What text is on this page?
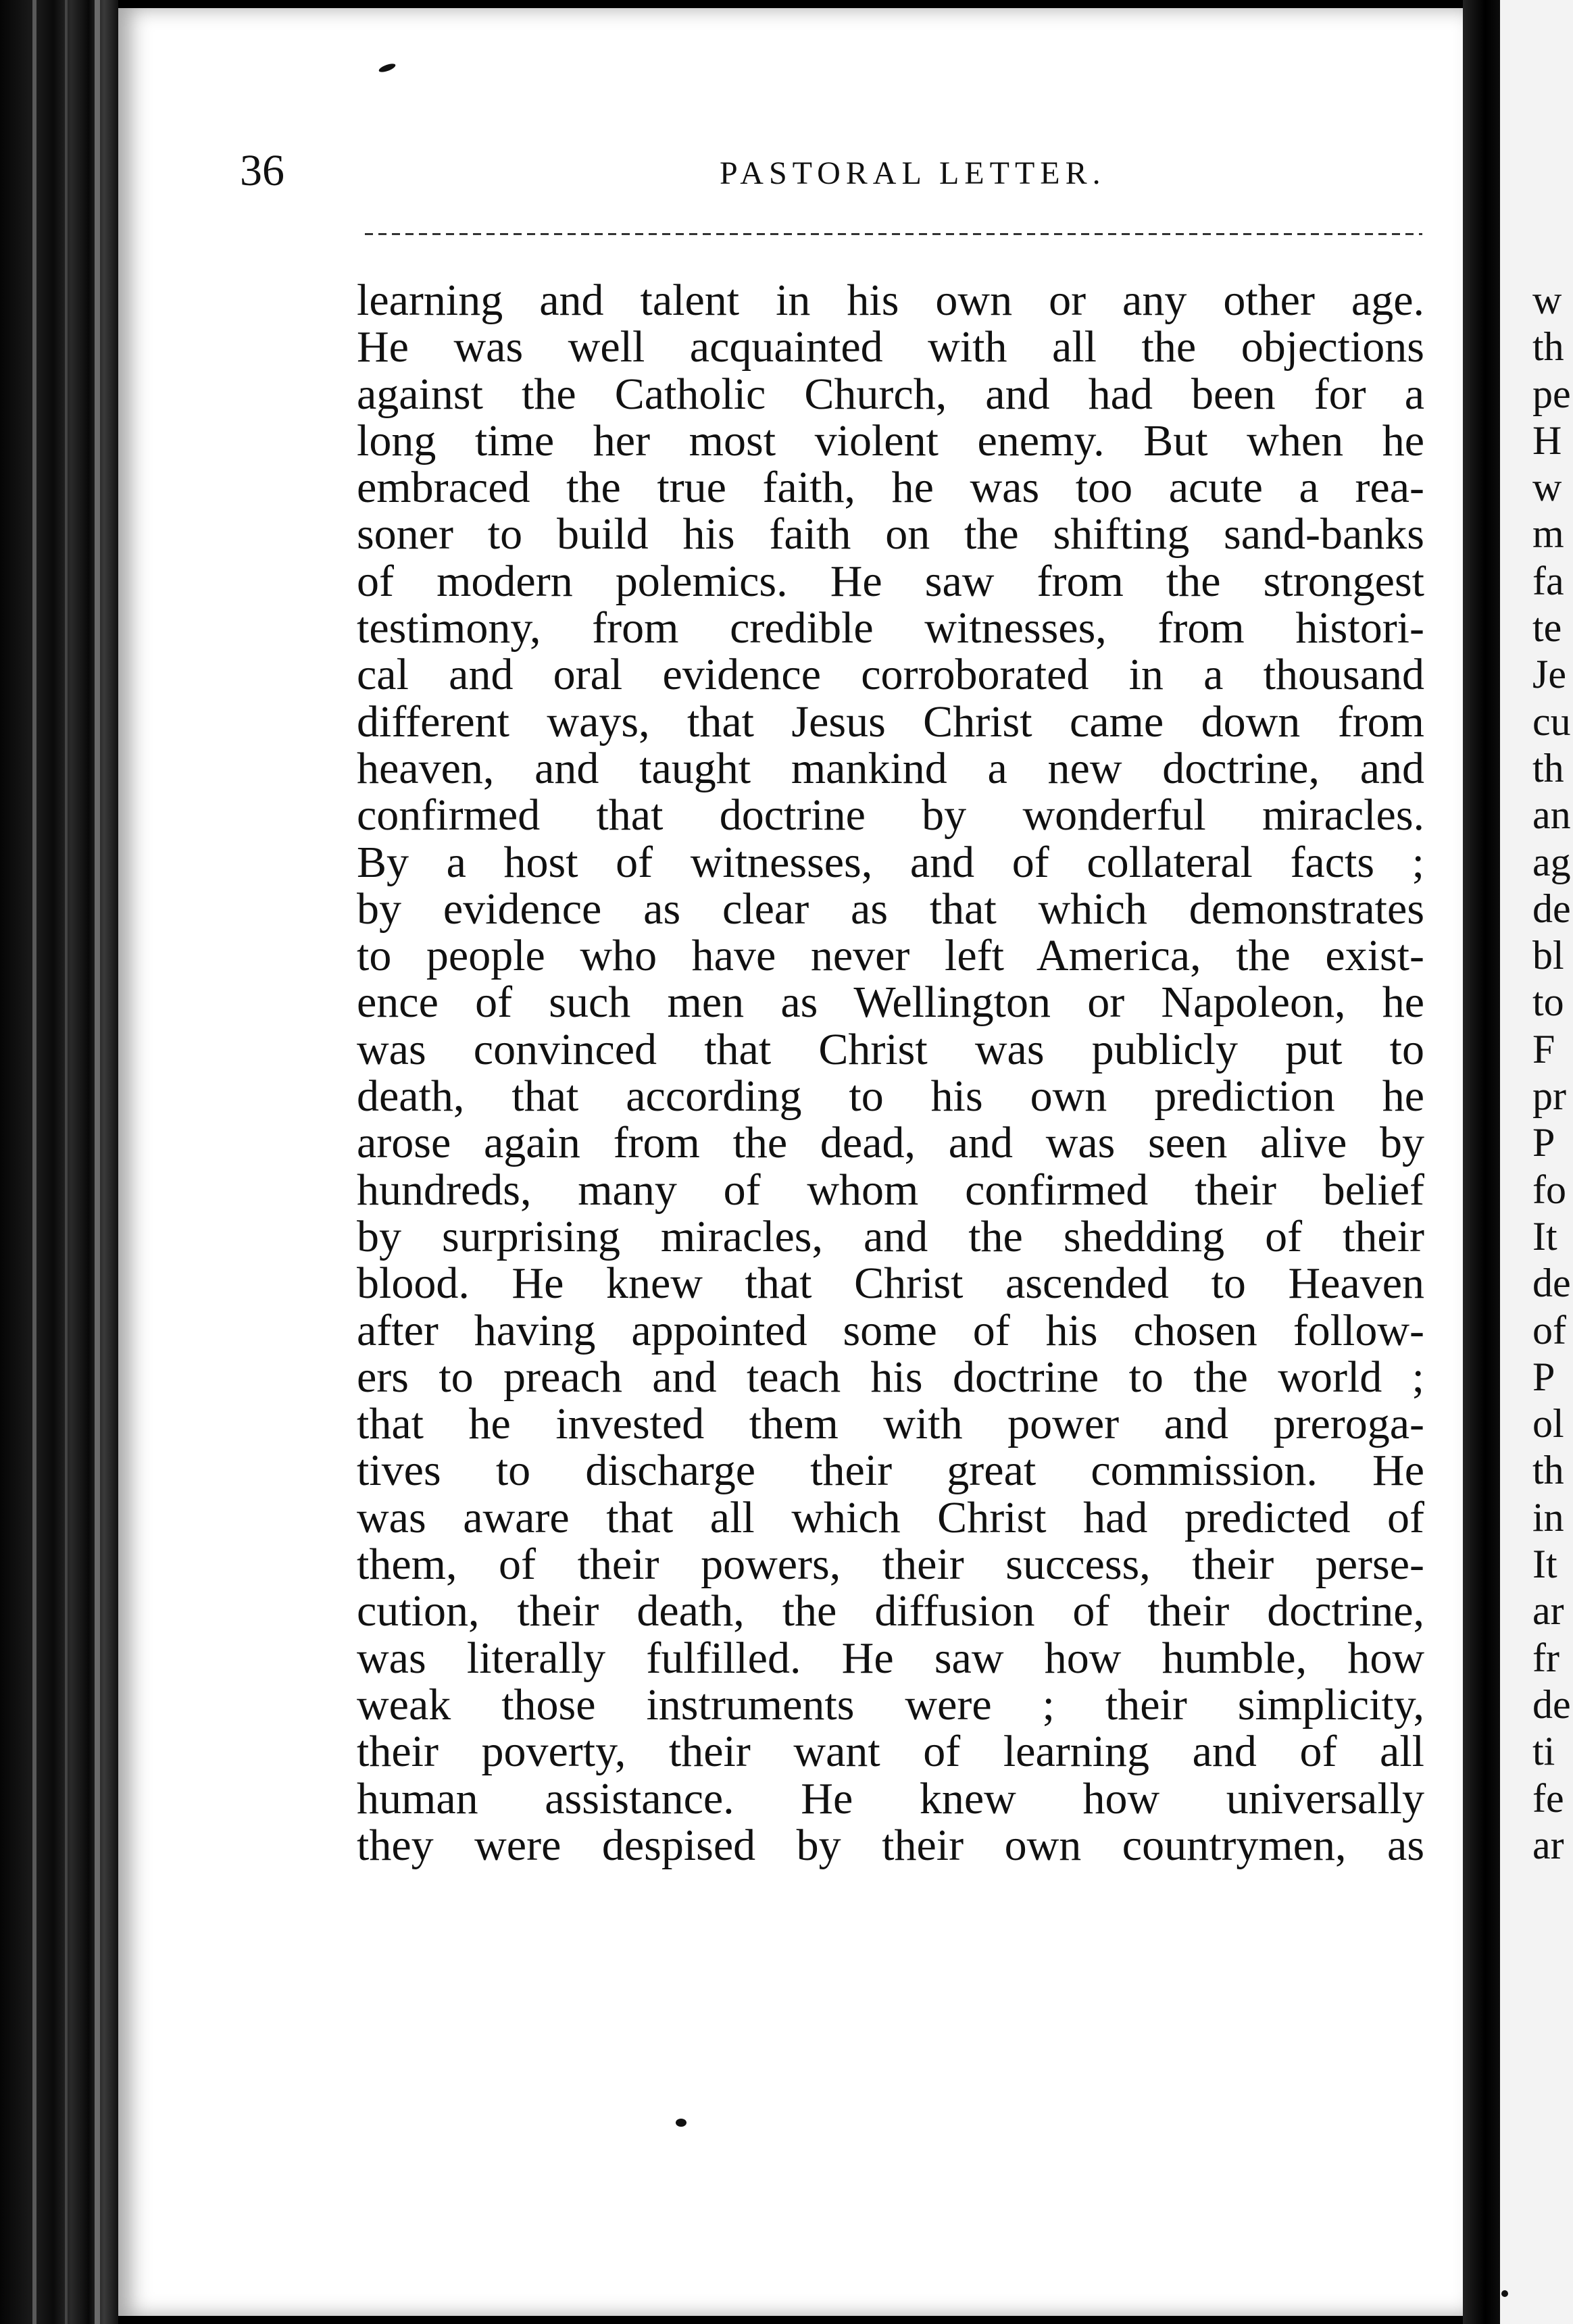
36	PASTORAL LETTER.
learning and talent in his own or any other age.
He was well acquainted with all the objections
against the Catholic Church, and had been for a
long time her most violent enemy. But when he
embraced the true faith, he was too acute a rea-
soner to build his faith on the shifting sand-banks
of modern polemics. He saw from the strongest
testimony, from credible witnesses, from histori-
cal and oral evidence corroborated in a thousand
different ways, that Jesus Christ came down from
heaven, and taught mankind a new doctrine, and
confirmed that doctrine by wonderful miracles.
By a host of witnesses, and of collateral facts ;
by evidence as clear as that which demonstrates
to people who have never left America, the exist-
ence of such men as Wellington or Napoleon, he
was convinced that Christ was publicly put to
death, that according to his own prediction he
arose again from the dead, and was seen alive by
hundreds, many of whom confirmed their belief
by surprising miracles, and the shedding of their
blood. He knew that Christ ascended to Heaven
after having appointed some of his chosen follow-
ers to preach and teach his doctrine to the world ;
that he invested them with power and preroga-
tives to discharge their great commission. He
was aware that all which Christ had predicted of
them, of their powers, their success, their perse-
cution, their death, the diffusion of their doctrine,
was literally fulfilled. He saw how humble, how
weak those instruments were ; their simplicity,
their poverty, their want of learning and of all
human assistance. He knew how universally
they were despised by their own countrymen, as
w
th
pe
H
w
m
fa
te
Je
cu
th
an
ag
de
bl
to
F
pr
P
fo
It
de
of
P
ol
th
in
It
ar
fr
de
ti
fe
ar
